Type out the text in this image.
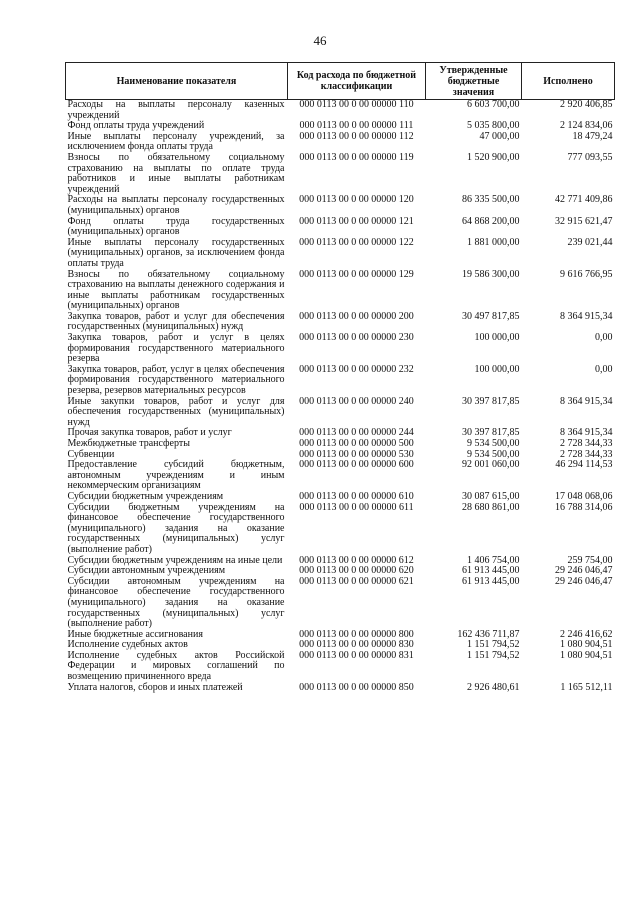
46
Наименование показателя	Код расхода по бюджетной классификации	Утвержденные бюджетные значения	Исполнено
Расходы на выплаты персоналу казенных учреждений	000 0113 00 0 00 00000 110	6 603 700,00	2 920 406,85
Фонд оплаты труда учреждений	000 0113 00 0 00 00000 111	5 035 800,00	2 124 834,06
Иные выплаты персоналу учреждений, за исключением фонда оплаты труда	000 0113 00 0 00 00000 112	47 000,00	18 479,24
Взносы по обязательному социальному страхованию на выплаты по оплате труда работников и иные выплаты работникам учреждений	000 0113 00 0 00 00000 119	1 520 900,00	777 093,55
Расходы на выплаты персоналу государственных (муниципальных) органов	000 0113 00 0 00 00000 120	86 335 500,00	42 771 409,86
Фонд оплаты труда государственных (муниципальных) органов	000 0113 00 0 00 00000 121	64 868 200,00	32 915 621,47
Иные выплаты персоналу государственных (муниципальных) органов, за исключением фонда оплаты труда	000 0113 00 0 00 00000 122	1 881 000,00	239 021,44
Взносы по обязательному социальному страхованию на выплаты денежного содержания и иные выплаты работникам государственных (муниципальных) органов	000 0113 00 0 00 00000 129	19 586 300,00	9 616 766,95
Закупка товаров, работ и услуг для обеспечения государственных (муниципальных) нужд	000 0113 00 0 00 00000 200	30 497 817,85	8 364 915,34
Закупка товаров, работ и услуг в целях формирования государственного материального резерва	000 0113 00 0 00 00000 230	100 000,00	0,00
Закупка товаров, работ, услуг в целях обеспечения формирования государственного материального резерва, резервов материальных ресурсов	000 0113 00 0 00 00000 232	100 000,00	0,00
Иные закупки товаров, работ и услуг для обеспечения государственных (муниципальных) нужд	000 0113 00 0 00 00000 240	30 397 817,85	8 364 915,34
Прочая закупка товаров, работ и услуг	000 0113 00 0 00 00000 244	30 397 817,85	8 364 915,34
Межбюджетные трансферты	000 0113 00 0 00 00000 500	9 534 500,00	2 728 344,33
Субвенции	000 0113 00 0 00 00000 530	9 534 500,00	2 728 344,33
Предоставление субсидий бюджетным, автономным учреждениям и иным некоммерческим организациям	000 0113 00 0 00 00000 600	92 001 060,00	46 294 114,53
Субсидии бюджетным учреждениям	000 0113 00 0 00 00000 610	30 087 615,00	17 048 068,06
Субсидии бюджетным учреждениям на финансовое обеспечение государственного (муниципального) задания на оказание государственных (муниципальных) услуг (выполнение работ)	000 0113 00 0 00 00000 611	28 680 861,00	16 788 314,06
Субсидии бюджетным учреждениям на иные цели	000 0113 00 0 00 00000 612	1 406 754,00	259 754,00
Субсидии автономным учреждениям	000 0113 00 0 00 00000 620	61 913 445,00	29 246 046,47
Субсидии автономным учреждениям на финансовое обеспечение государственного (муниципального) задания на оказание государственных (муниципальных) услуг (выполнение работ)	000 0113 00 0 00 00000 621	61 913 445,00	29 246 046,47
Иные бюджетные ассигнования	000 0113 00 0 00 00000 800	162 436 711,87	2 246 416,62
Исполнение судебных актов	000 0113 00 0 00 00000 830	1 151 794,52	1 080 904,51
Исполнение судебных актов Российской Федерации и мировых соглашений по возмещению причиненного вреда	000 0113 00 0 00 00000 831	1 151 794,52	1 080 904,51
Уплата налогов, сборов и иных платежей	000 0113 00 0 00 00000 850	2 926 480,61	1 165 512,11
